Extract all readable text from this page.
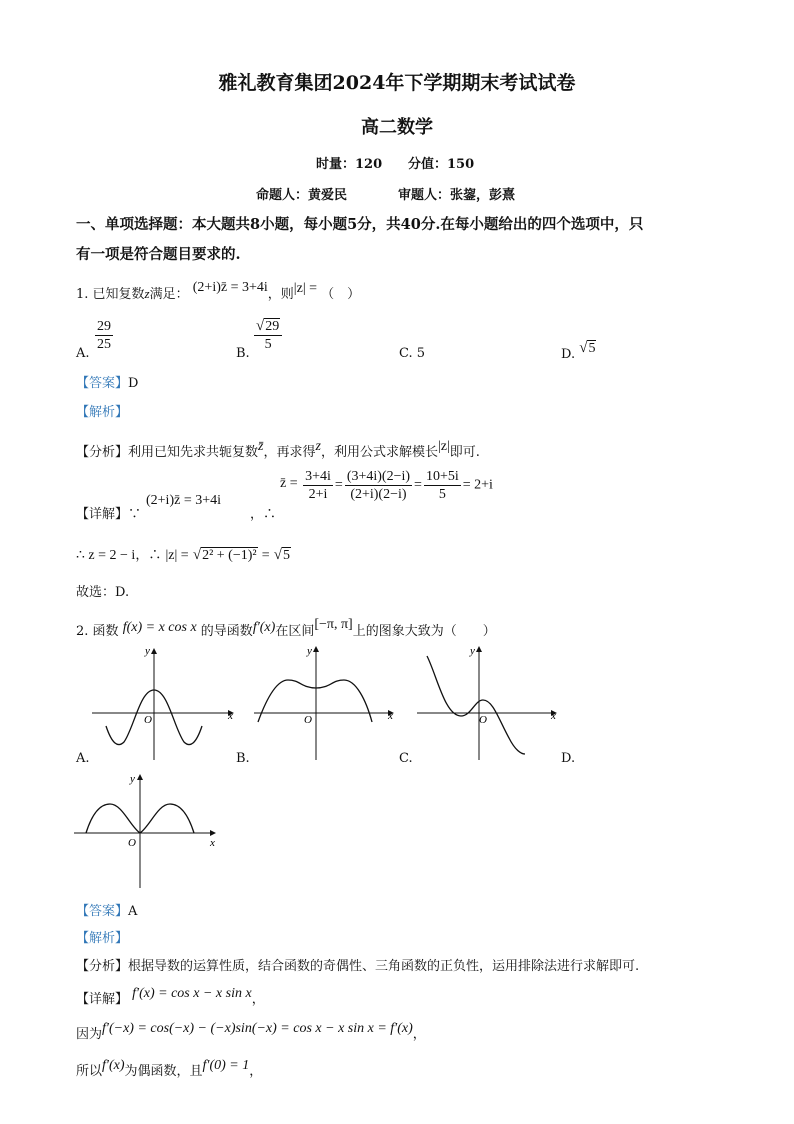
雅礼教育集团2024年下学期期末考试试卷
高二数学
时量：120 分值：150
命题人：黄爱民	审题人：张鋆，彭熹
一、单项选择题：本大题共8小题，每小题5分，共40分.在每小题给出的四个选项中，只
有一项是符合题目要求的.
1. 已知复数z满足： (2+i)z̄ = 3+4i，则|z| = （　）
A.
$\frac{29}{25}$
B.
$\frac{√29}{5}$
C. 5	D. √5
【答案】D
【解析】
【分析】利用已知先求共轭复数z̄，再求得z，利用公式求解模长|z|即可.
【详解】∵
(2+i)z̄ = 3+4i
，∴
z̄ = $\frac{3+4i}{2+i} = \frac{(3+4i)(2-i)}{(2+i)(2-i)} = \frac{10+5i}{5} = 2+i$
∴ z = 2 − i，∴ |z| = √2² + (−1)² = √5
故选：D.
2. 函数 f(x) = x cos x 的导函数f′(x)在区间[−π, π]上的图象大致为（　　）
x
y
O	x
y
O	x
y
O
A.	B.	C.	D.
x
y
O
【答案】A
【解析】
【分析】根据导数的运算性质，结合函数的奇偶性、三角函数的正负性，运用排除法进行求解即可.
【详解】 f′(x) = cos x − x sin x，
因为f′(−x) = cos(−x) − (−x)sin(−x) = cos x − x sin x = f′(x)，
所以f′(x)为偶函数，且f′(0) = 1，
